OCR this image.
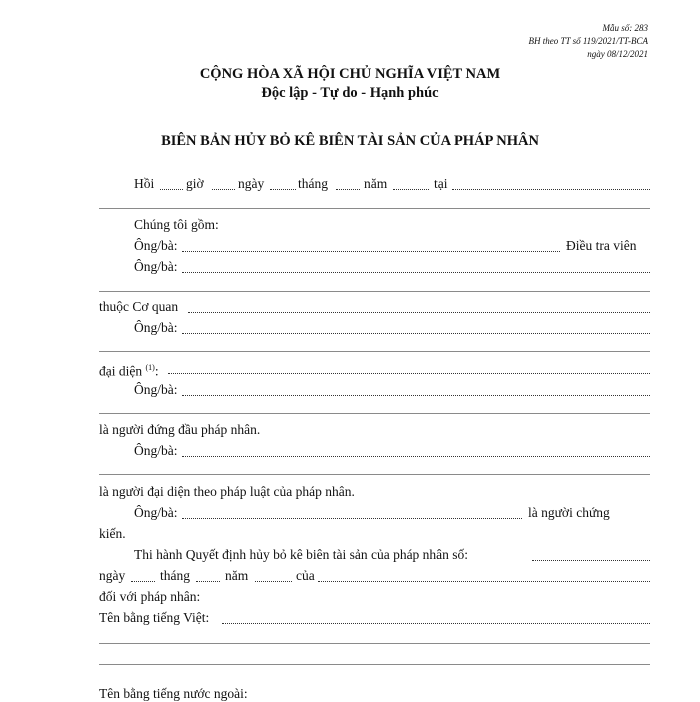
Mẫu số: 283
BH theo TT số 119/2021/TT-BCA
ngày 08/12/2021
CỘNG HÒA XÃ HỘI CHỦ NGHĨA VIỆT NAM
Độc lập - Tự do - Hạnh phúc
BIÊN BẢN HỦY BỎ KÊ BIÊN TÀI SẢN CỦA PHÁP NHÂN
Hồi giờ	ngày	tháng	năm	tại
Chúng tôi gồm:
Ông/bà:	Điều tra viên
Ông/bà:
thuộc Cơ quan
Ông/bà:
đại diện $^{(1)}$:
Ông/bà:
là người đứng đầu pháp nhân.
Ông/bà:
là người đại diện theo pháp luật của pháp nhân.
Ông/bà:	là người chứng
kiến.
Thi hành Quyết định hủy bỏ kê biên tài sản của pháp nhân số:
ngày	tháng	năm	của
đối với pháp nhân:
Tên bằng tiếng Việt:
Tên bằng tiếng nước ngoài:
